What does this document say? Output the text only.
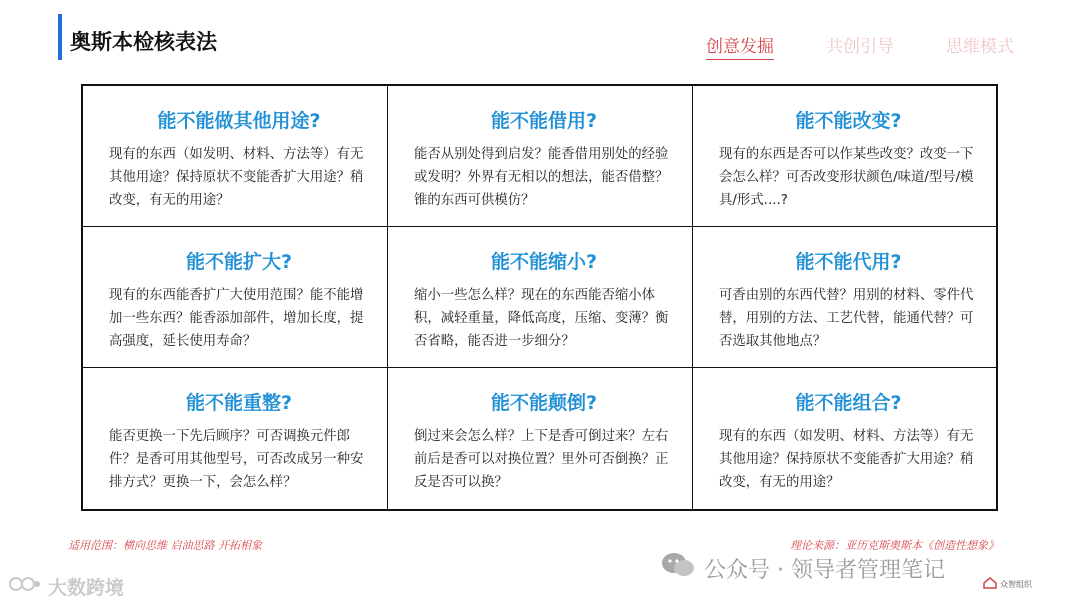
奥斯本检核表法	创意发掘	共创引导	思维模式
能不能做其他用途?
现有的东西（如发明、材料、方法等）有无其他用途？保持原状不变能香扩大用途？稍改变，有无的用途？
能不能借用?
能否从别处得到启发？能香借用别处的经验或发明？外界有无相以的想法，能否借整？锥的东西可供模仿？
能不能改变?
现有的东西是否可以作某些改变？改变一下会怎么样？可否改变形状颜色/味道/型号/模具/形式....?
能不能扩大?
现有的东西能香扩广大使用范围？能不能增加一些东西？能香添加部件，增加长度，提高强度，延长使用寿命？
能不能缩小?
缩小一些怎么样？现在的东西能否缩小体积，减轻重量，降低高度，压缩、变薄？衡否省略，能否进一步细分？
能不能代用?
可香由别的东西代替？用别的材料、零件代替，用别的方法、工艺代替，能通代替？可否选取其他地点？
能不能重整?
能否更换一下先后顾序？可否调换元件郎件？是香可用其他型号，可否改成另一种安排方式？更换一下，会怎么样？
能不能颠倒?
倒过来会怎么样？上下是香可倒过来？左右前后是香可以对换位置？里外可否倒换？正反是否可以换？
能不能组合?
现有的东西（如发明、材料、方法等）有无其他用途？保持原状不变能香扩大用途？稍改变，有无的用途？
适用范围：横向思维 启油思路 开拓相象	理论来源：亚历克斯奥斯本《创造性想象》
大数跨境
公众号 · 领导者管理笔记
众智组织
